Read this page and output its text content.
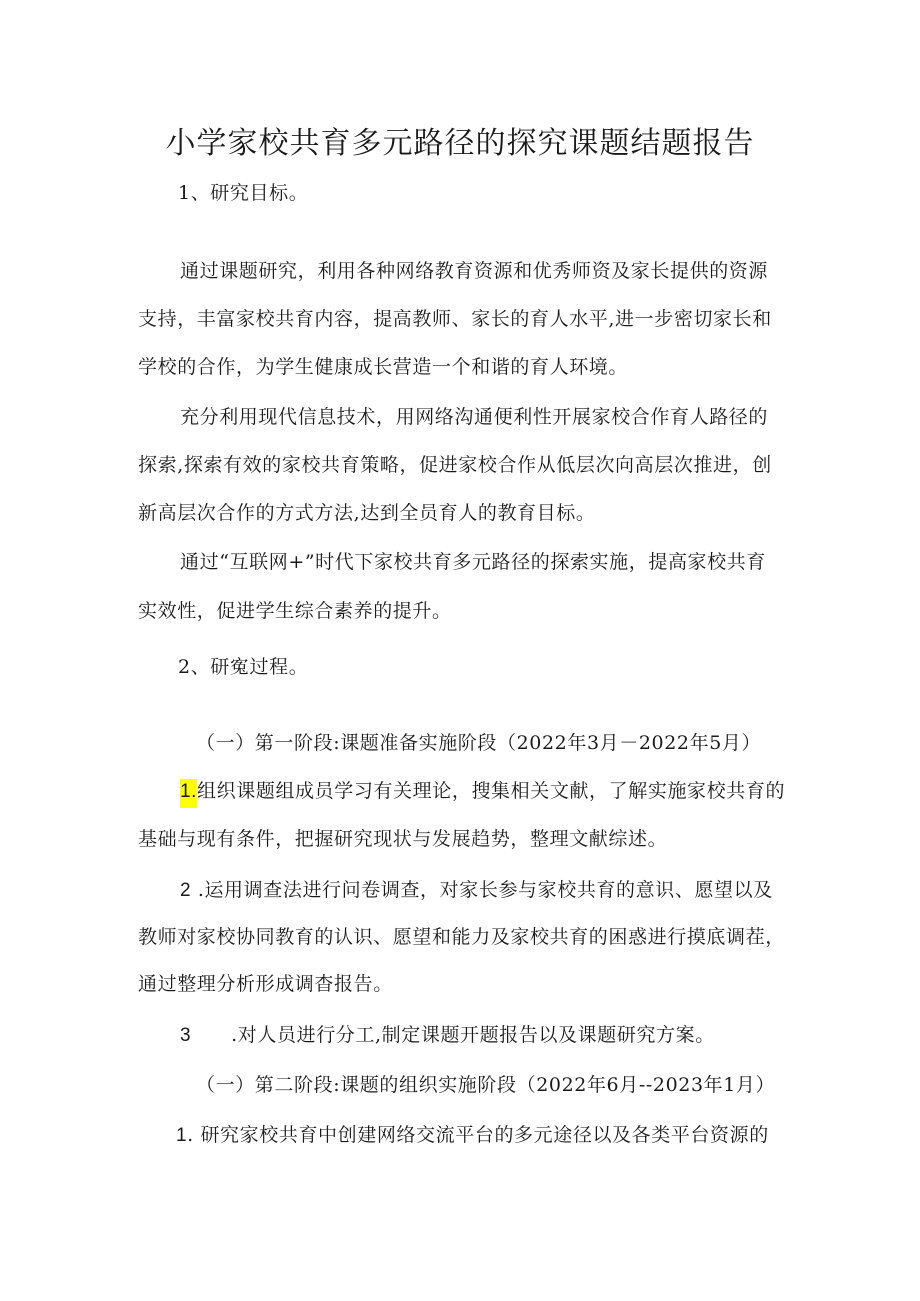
小学家校共育多元路径的探究课题结题报告
1、研究目标。
通过课题研究，利用各种网络教育资源和优秀师资及家长提供的资源
支持，丰富家校共育内容，提高教师、家长的育人水平,进一步密切家长和
学校的合作，为学生健康成长营造一个和谐的育人环境。
充分利用现代信息技术，用网络沟通便利性开展家校合作育人路径的
探索,探索有效的家校共育策略，促进家校合作从低层次向高层次推进，创
新高层次合作的方式方法,达到全员育人的教育目标。
通过“互联网+”时代下家校共育多元路径的探索实施，提高家校共育
实效性，促进学生综合素养的提升。
2、研寃过程。
（一）第一阶段:课题准备实施阶段（2022年3月－2022年5月）
1.组织课题组成员学习有关理论，搜集相关文献，了解实施家校共育的
基础与现有条件，把握研究现状与发展趋势，整理文献综述。
2 .运用调查法进行问卷调查，对家长参与家校共育的意识、愿望以及
教师对家校协同教育的认识、愿望和能力及家校共育的困惑进行摸底调茬，
通过整理分析形成调杳报告。
3 .对人员进行分工,制定课题开题报告以及课题研究方案。
（一）第二阶段:课题的组织实施阶段（2022年6月--2023年1月）
1. 研究家校共育中创建网络交流平台的多元途径以及各类平台资源的
